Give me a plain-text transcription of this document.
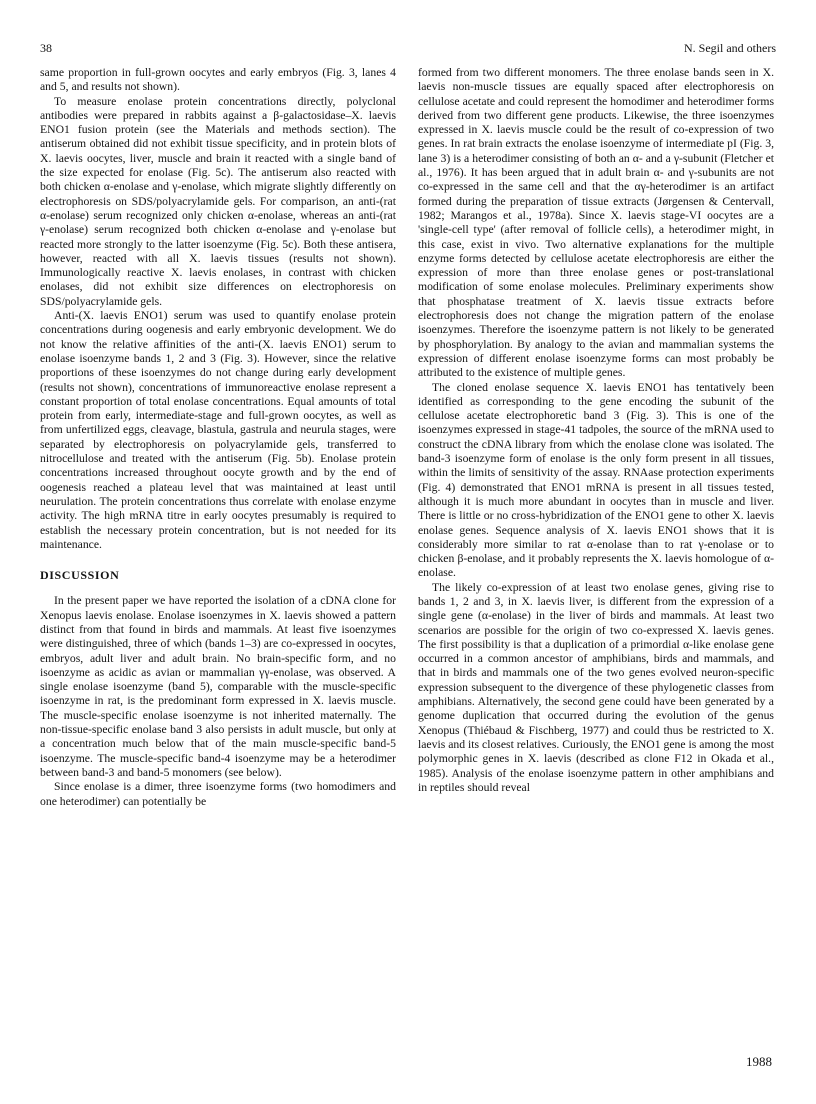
38	N. Segil and others

same proportion in full-grown oocytes and early embryos (Fig. 3, lanes 4 and 5, and results not shown).

To measure enolase protein concentrations directly, polyclonal antibodies were prepared in rabbits against a β-galactosidase–X. laevis ENO1 fusion protein (see the Materials and methods section). The antiserum obtained did not exhibit tissue specificity, and in protein blots of X. laevis oocytes, liver, muscle and brain it reacted with a single band of the size expected for enolase (Fig. 5c). The antiserum also reacted with both chicken α-enolase and γ-enolase, which migrate slightly differently on electrophoresis on SDS/polyacrylamide gels. For comparison, an anti-(rat α-enolase) serum recognized only chicken α-enolase, whereas an anti-(rat γ-enolase) serum recognized both chicken α-enolase and γ-enolase but reacted more strongly to the latter isoenzyme (Fig. 5c). Both these antisera, however, reacted with all X. laevis tissues (results not shown). Immunologically reactive X. laevis enolases, in contrast with chicken enolases, did not exhibit size differences on electrophoresis on SDS/polyacrylamide gels.

Anti-(X. laevis ENO1) serum was used to quantify enolase protein concentrations during oogenesis and early embryonic development. We do not know the relative affinities of the anti-(X. laevis ENO1) serum to enolase isoenzyme bands 1, 2 and 3 (Fig. 3). However, since the relative proportions of these isoenzymes do not change during early development (results not shown), concentrations of immunoreactive enolase represent a constant proportion of total enolase concentrations. Equal amounts of total protein from early, intermediate-stage and full-grown oocytes, as well as from unfertilized eggs, cleavage, blastula, gastrula and neurula stages, were separated by electrophoresis on polyacrylamide gels, transferred to nitrocellulose and treated with the antiserum (Fig. 5b). Enolase protein concentrations increased throughout oocyte growth and by the end of oogenesis reached a plateau level that was maintained at least until neurulation. The protein concentrations thus correlate with enolase enzyme activity. The high mRNA titre in early oocytes presumably is required to establish the necessary protein concentration, but is not needed for its maintenance.

DISCUSSION

In the present paper we have reported the isolation of a cDNA clone for Xenopus laevis enolase. Enolase isoenzymes in X. laevis showed a pattern distinct from that found in birds and mammals. At least five isoenzymes were distinguished, three of which (bands 1–3) are co-expressed in oocytes, embryos, adult liver and adult brain. No brain-specific form, and no isoenzyme as acidic as avian or mammalian γγ-enolase, was observed. A single enolase isoenzyme (band 5), comparable with the muscle-specific isoenzyme in rat, is the predominant form expressed in X. laevis muscle. The muscle-specific enolase isoenzyme is not inherited maternally. The non-tissue-specific enolase band 3 also persists in adult muscle, but only at a concentration much below that of the main muscle-specific band-5 isoenzyme. The muscle-specific band-4 isoenzyme may be a heterodimer between band-3 and band-5 monomers (see below).

Since enolase is a dimer, three isoenzyme forms (two homodimers and one heterodimer) can potentially be

formed from two different monomers. The three enolase bands seen in X. laevis non-muscle tissues are equally spaced after electrophoresis on cellulose acetate and could represent the homodimer and heterodimer forms derived from two different gene products. Likewise, the three isoenzymes expressed in X. laevis muscle could be the result of co-expression of two genes. In rat brain extracts the enolase isoenzyme of intermediate pI (Fig. 3, lane 3) is a heterodimer consisting of both an α- and a γ-subunit (Fletcher et al., 1976). It has been argued that in adult brain α- and γ-subunits are not co-expressed in the same cell and that the αγ-heterodimer is an artifact formed during the preparation of tissue extracts (Jørgensen & Centervall, 1982; Marangos et al., 1978a). Since X. laevis stage-VI oocytes are a 'single-cell type' (after removal of follicle cells), a heterodimer might, in this case, exist in vivo. Two alternative explanations for the multiple enzyme forms detected by cellulose acetate electrophoresis are either the expression of more than three enolase genes or post-translational modification of some enolase molecules. Preliminary experiments show that phosphatase treatment of X. laevis tissue extracts before electrophoresis does not change the migration pattern of the enolase isoenzymes. Therefore the isoenzyme pattern is not likely to be generated by phosphorylation. By analogy to the avian and mammalian systems the expression of different enolase isoenzyme forms can most probably be attributed to the existence of multiple genes.

The cloned enolase sequence X. laevis ENO1 has tentatively been identified as corresponding to the gene encoding the subunit of the cellulose acetate electrophoretic band 3 (Fig. 3). This is one of the isoenzymes expressed in stage-41 tadpoles, the source of the mRNA used to construct the cDNA library from which the enolase clone was isolated. The band-3 isoenzyme form of enolase is the only form present in all tissues, within the limits of sensitivity of the assay. RNAase protection experiments (Fig. 4) demonstrated that ENO1 mRNA is present in all tissues tested, although it is much more abundant in oocytes than in muscle and liver. There is little or no cross-hybridization of the ENO1 gene to other X. laevis enolase genes. Sequence analysis of X. laevis ENO1 shows that it is considerably more similar to rat α-enolase than to rat γ-enolase or to chicken β-enolase, and it probably represents the X. laevis homologue of α-enolase.

The likely co-expression of at least two enolase genes, giving rise to bands 1, 2 and 3, in X. laevis liver, is different from the expression of a single gene (α-enolase) in the liver of birds and mammals. At least two scenarios are possible for the origin of two co-expressed X. laevis genes. The first possibility is that a duplication of a primordial α-like enolase gene occurred in a common ancestor of amphibians, birds and mammals, and that in birds and mammals one of the two genes evolved neuron-specific expression subsequent to the divergence of these phylogenetic classes from amphibians. Alternatively, the second gene could have been generated by a genome duplication that occurred during the evolution of the genus Xenopus (Thiébaud & Fischberg, 1977) and could thus be restricted to X. laevis and its closest relatives. Curiously, the ENO1 gene is among the most polymorphic genes in X. laevis (described as clone F12 in Okada et al., 1985). Analysis of the enolase isoenzyme pattern in other amphibians and in reptiles should reveal

1988
